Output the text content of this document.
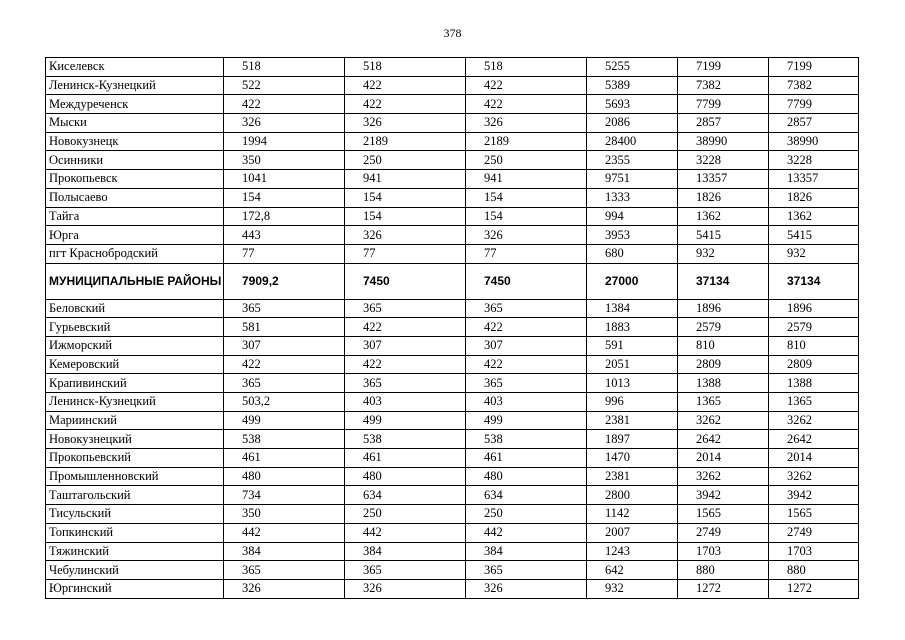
378
Киселевск	518	518	518	5255	7199	7199
Ленинск-Кузнецкий	522	422	422	5389	7382	7382
Междуреченск	422	422	422	5693	7799	7799
Мыски	326	326	326	2086	2857	2857
Новокузнецк	1994	2189	2189	28400	38990	38990
Осинники	350	250	250	2355	3228	3228
Прокопьевск	1041	941	941	9751	13357	13357
Полысаево	154	154	154	1333	1826	1826
Тайга	172,8	154	154	994	1362	1362
Юрга	443	326	326	3953	5415	5415
пгт Краснобродский	77	77	77	680	932	932
МУНИЦИПАЛЬНЫЕ РАЙОНЫ	7909,2	7450	7450	27000	37134	37134
Беловский	365	365	365	1384	1896	1896
Гурьевский	581	422	422	1883	2579	2579
Ижморский	307	307	307	591	810	810
Кемеровский	422	422	422	2051	2809	2809
Крапивинский	365	365	365	1013	1388	1388
Ленинск-Кузнецкий	503,2	403	403	996	1365	1365
Мариинский	499	499	499	2381	3262	3262
Новокузнецкий	538	538	538	1897	2642	2642
Прокопьевский	461	461	461	1470	2014	2014
Промышленновский	480	480	480	2381	3262	3262
Таштагольский	734	634	634	2800	3942	3942
Тисульский	350	250	250	1142	1565	1565
Топкинский	442	442	442	2007	2749	2749
Тяжинский	384	384	384	1243	1703	1703
Чебулинский	365	365	365	642	880	880
Юргинский	326	326	326	932	1272	1272
